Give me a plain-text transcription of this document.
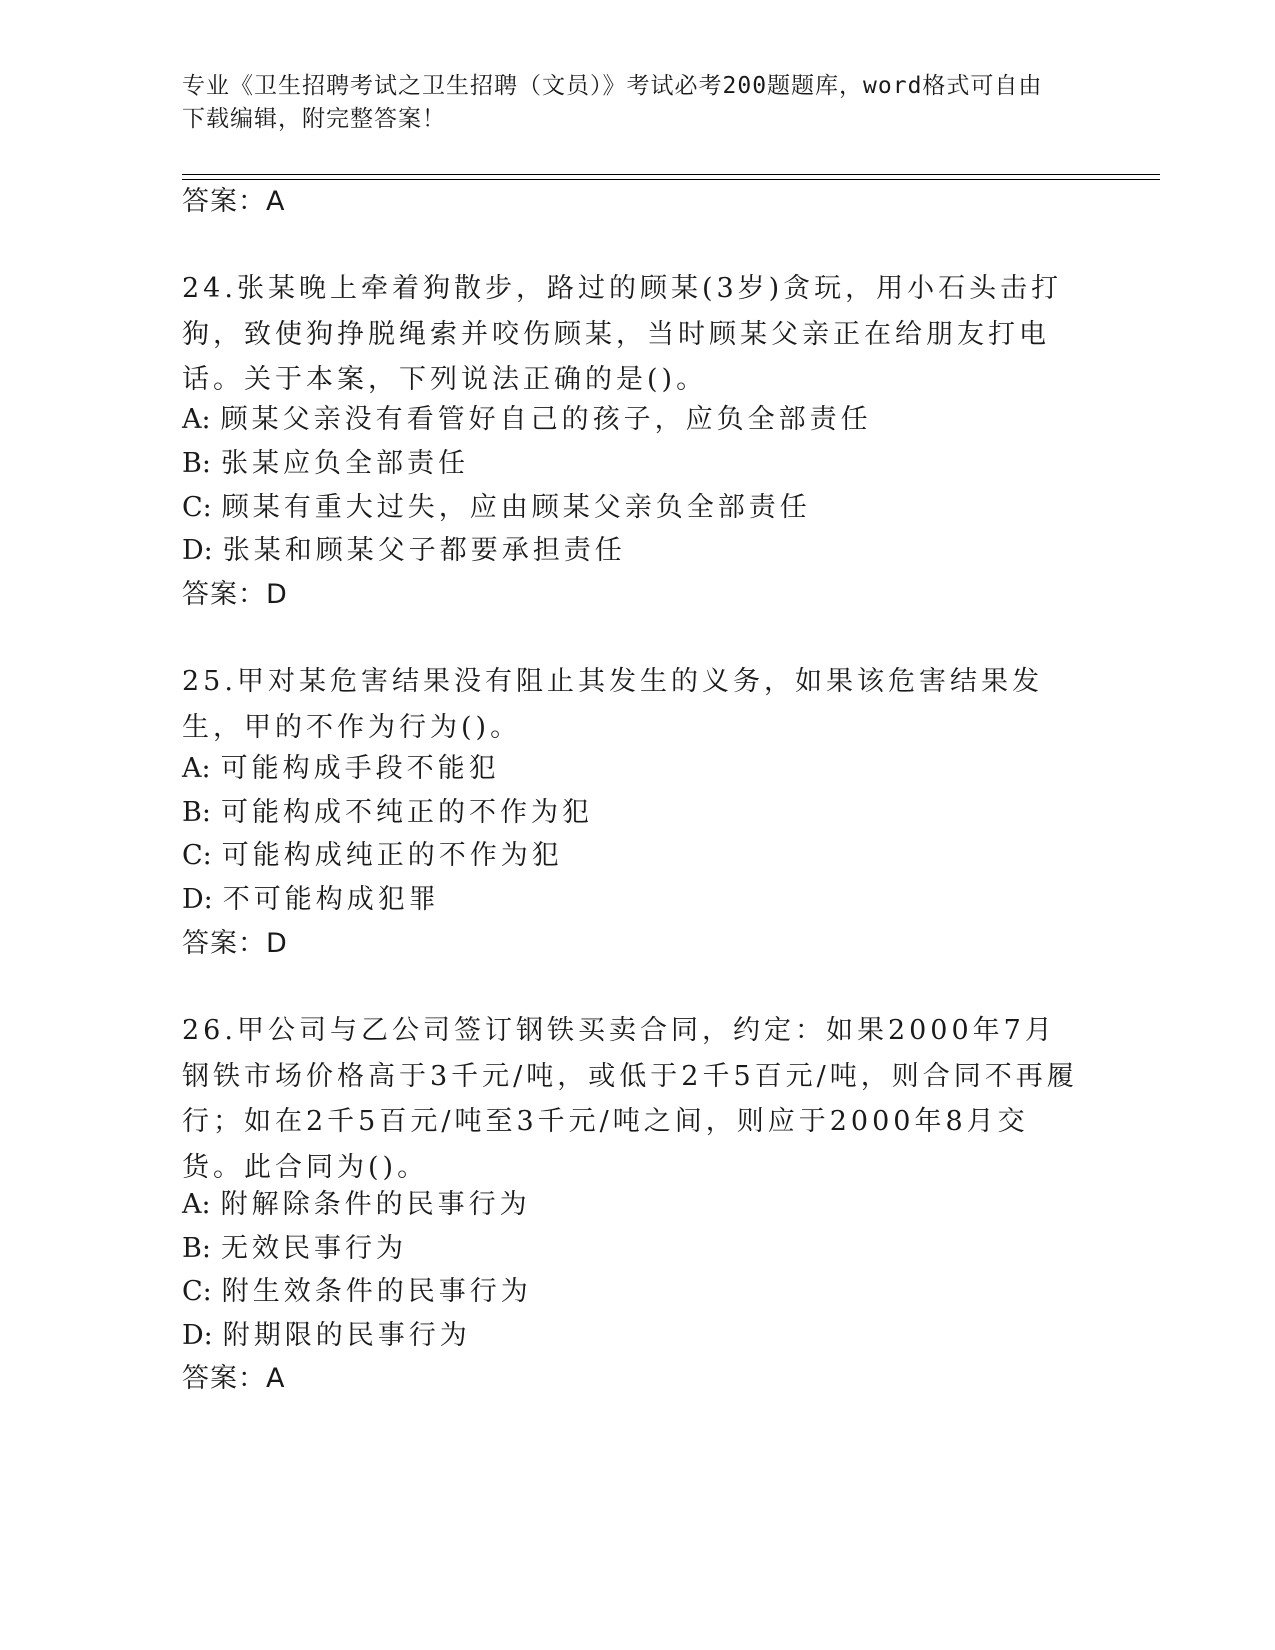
专业《卫生招聘考试之卫生招聘（文员）》考试必考200题题库，word格式可自由下载编辑，附完整答案！
答案：A

24.张某晚上牵着狗散步，路过的顾某(3岁)贪玩，用小石头击打狗，致使狗挣脱绳索并咬伤顾某，当时顾某父亲正在给朋友打电话。关于本案，下列说法正确的是()。

A: 顾某父亲没有看管好自己的孩子，应负全部责任
B: 张某应负全部责任
C: 顾某有重大过失，应由顾某父亲负全部责任
D: 张某和顾某父子都要承担责任
答案：D

25.甲对某危害结果没有阻止其发生的义务，如果该危害结果发生，甲的不作为行为()。

A: 可能构成手段不能犯
B: 可能构成不纯正的不作为犯
C: 可能构成纯正的不作为犯
D: 不可能构成犯罪
答案：D

26.甲公司与乙公司签订钢铁买卖合同，约定：如果2000年7月钢铁市场价格高于3千元/吨，或低于2千5百元/吨，则合同不再履行；如在2千5百元/吨至3千元/吨之间，则应于2000年8月交货。此合同为()。

A: 附解除条件的民事行为
B: 无效民事行为
C: 附生效条件的民事行为
D: 附期限的民事行为
答案：A
